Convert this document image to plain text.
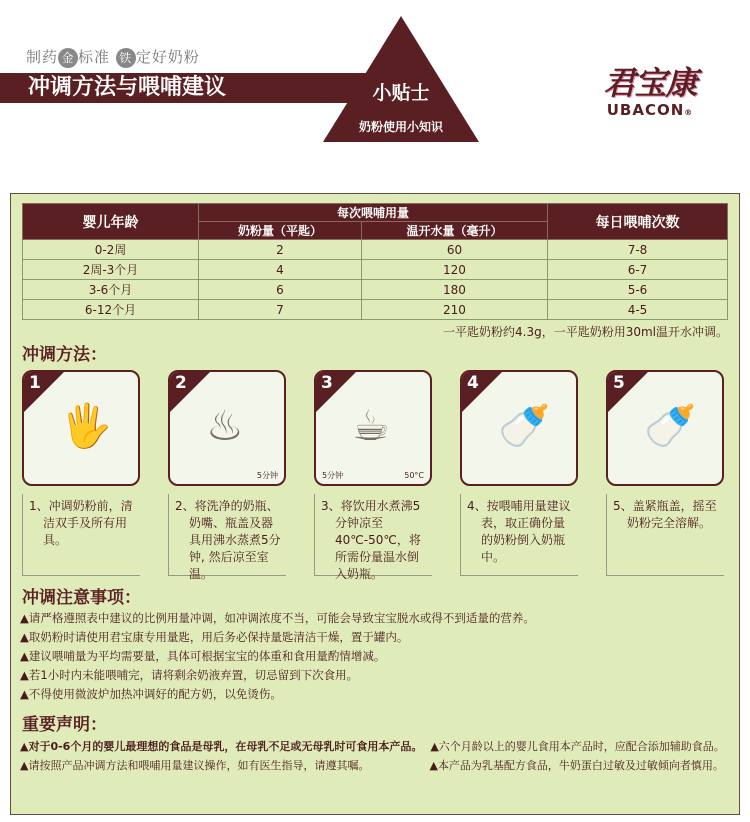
制药 金 标准 铁 定好奶粉
冲调方法与喂哺建议	小贴士
奶粉使用小知识
君宝康
UBACON®
婴儿年龄	每次喂哺用量		每日喂哺次数
	奶粉量（平匙）	温开水量（毫升）	
0-2周	2	60	7-8
2周-3个月	4	120	6-7
3-6个月	6	180	5-6
6-12个月	7	210	4-5
一平匙奶粉约4.3g，一平匙奶粉用30ml温开水冲调。
冲调方法：
1
🖐
2
♨
5分钟
3
☕
5分钟	50°C
4
🍼
5
🍼
1、冲调奶粉前，清洁双手及所有用具。
2、将洗净的奶瓶、奶嘴、瓶盖及器具用沸水蒸煮5分钟, 然后凉至室温。
3、将饮用水煮沸5分钟凉至40℃-50℃，将所需份量温水倒入奶瓶。
4、按喂哺用量建议表，取正确份量的奶粉倒入奶瓶中。
5、盖紧瓶盖，摇至奶粉完全溶解。
冲调注意事项：
▲请严格遵照表中建议的比例用量冲调，如冲调浓度不当，可能会导致宝宝脱水或得不到适量的营养。
▲取奶粉时请使用君宝康专用量匙，用后务必保持量匙清洁干燥，置于罐内。
▲建议喂哺量为平均需要量，具体可根据宝宝的体重和食用量酌情增减。
▲若1小时内未能喂哺完，请将剩余奶液弃置，切忌留到下次食用。
▲不得使用微波炉加热冲调好的配方奶，以免烫伤。
重要声明：
▲对于0-6个月的婴儿最理想的食品是母乳，在母乳不足或无母乳时可食用本产品。 ▲六个月龄以上的婴儿食用本产品时，应配合添加辅助食品。
▲请按照产品冲调方法和喂哺用量建议操作，如有医生指导，请遵其嘱。	▲本产品为乳基配方食品，牛奶蛋白过敏及过敏倾向者慎用。
